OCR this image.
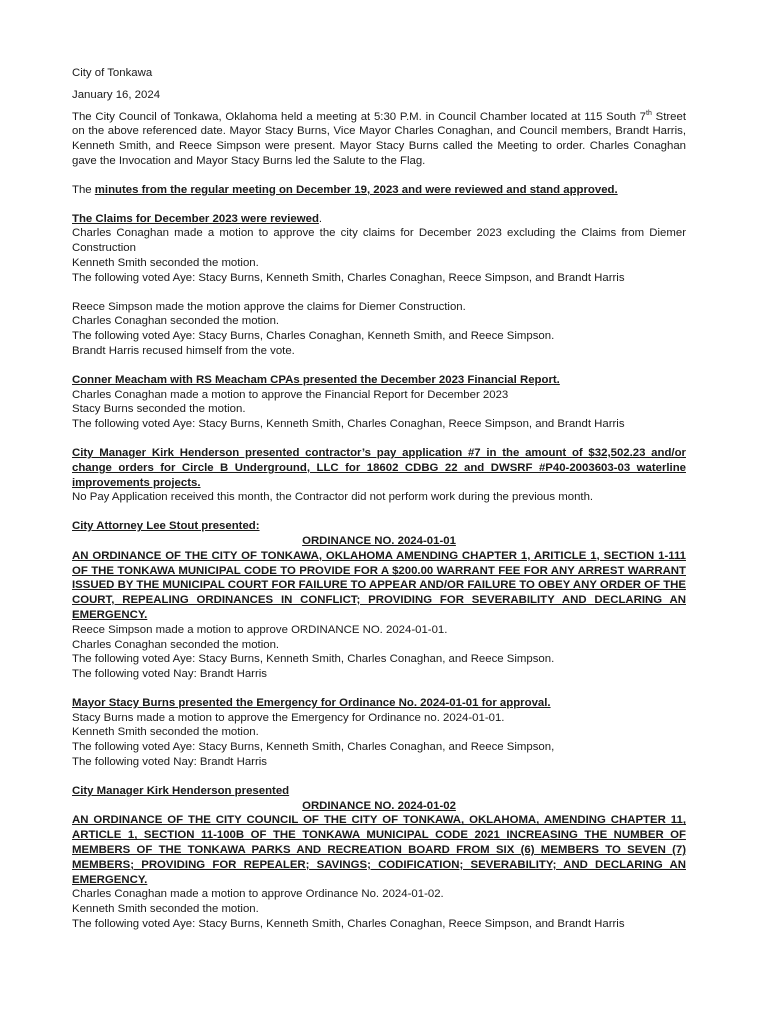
City of Tonkawa

January 16, 2024

The City Council of Tonkawa, Oklahoma held a meeting at 5:30 P.M. in Council Chamber located at 115 South 7th Street on the above referenced date. Mayor Stacy Burns, Vice Mayor Charles Conaghan, and Council members, Brandt Harris, Kenneth Smith, and Reece Simpson were present. Mayor Stacy Burns called the Meeting to order. Charles Conaghan gave the Invocation and Mayor Stacy Burns led the Salute to the Flag.

The minutes from the regular meeting on December 19, 2023 and were reviewed and stand approved.

The Claims for December 2023 were reviewed.

Charles Conaghan made a motion to approve the city claims for December 2023 excluding the Claims from Diemer Construction

Kenneth Smith seconded the motion.

The following voted Aye: Stacy Burns, Kenneth Smith, Charles Conaghan, Reece Simpson, and Brandt Harris

Reece Simpson made the motion approve the claims for Diemer Construction.

Charles Conaghan seconded the motion.

The following voted Aye: Stacy Burns, Charles Conaghan, Kenneth Smith, and Reece Simpson.

Brandt Harris recused himself from the vote.

Conner Meacham with RS Meacham CPAs presented the December 2023 Financial Report.

Charles Conaghan made a motion to approve the Financial Report for December 2023

Stacy Burns seconded the motion.

The following voted Aye: Stacy Burns, Kenneth Smith, Charles Conaghan, Reece Simpson, and Brandt Harris

City Manager Kirk Henderson presented contractor’s pay application #7 in the amount of $32,502.23 and/or change orders for Circle B Underground, LLC for 18602 CDBG 22 and DWSRF #P40-2003603-03 waterline improvements projects.

No Pay Application received this month, the Contractor did not perform work during the previous month.

City Attorney Lee Stout presented:

ORDINANCE NO. 2024-01-01

AN ORDINANCE OF THE CITY OF TONKAWA, OKLAHOMA AMENDING CHAPTER 1, ARITICLE 1, SECTION 1-111 OF THE TONKAWA MUNICIPAL CODE TO PROVIDE FOR A $200.00 WARRANT FEE FOR ANY ARREST WARRANT ISSUED BY THE MUNICIPAL COURT FOR FAILURE TO APPEAR AND/OR FAILURE TO OBEY ANY ORDER OF THE COURT, REPEALING ORDINANCES IN CONFLICT; PROVIDING FOR SEVERABILITY AND DECLARING AN EMERGENCY.

Reece Simpson made a motion to approve ORDINANCE NO. 2024-01-01.

Charles Conaghan seconded the motion.

The following voted Aye: Stacy Burns, Kenneth Smith, Charles Conaghan, and Reece Simpson.

The following voted Nay: Brandt Harris

Mayor Stacy Burns presented the Emergency for Ordinance No. 2024-01-01 for approval.

Stacy Burns made a motion to approve the Emergency for Ordinance no. 2024-01-01.

Kenneth Smith seconded the motion.

The following voted Aye: Stacy Burns, Kenneth Smith, Charles Conaghan, and Reece Simpson,

The following voted Nay: Brandt Harris

City Manager Kirk Henderson presented

ORDINANCE NO. 2024-01-02

AN ORDINANCE OF THE CITY COUNCIL OF THE CITY OF TONKAWA, OKLAHOMA, AMENDING CHAPTER 11, ARTICLE 1, SECTION 11-100B OF THE TONKAWA MUNICIPAL CODE 2021 INCREASING THE NUMBER OF MEMBERS OF THE TONKAWA PARKS AND RECREATION BOARD FROM SIX (6) MEMBERS TO SEVEN (7) MEMBERS; PROVIDING FOR REPEALER; SAVINGS; CODIFICATION; SEVERABILITY; AND DECLARING AN EMERGENCY.

Charles Conaghan made a motion to approve Ordinance No. 2024-01-02.

Kenneth Smith seconded the motion.

The following voted Aye: Stacy Burns, Kenneth Smith, Charles Conaghan, Reece Simpson, and Brandt Harris
